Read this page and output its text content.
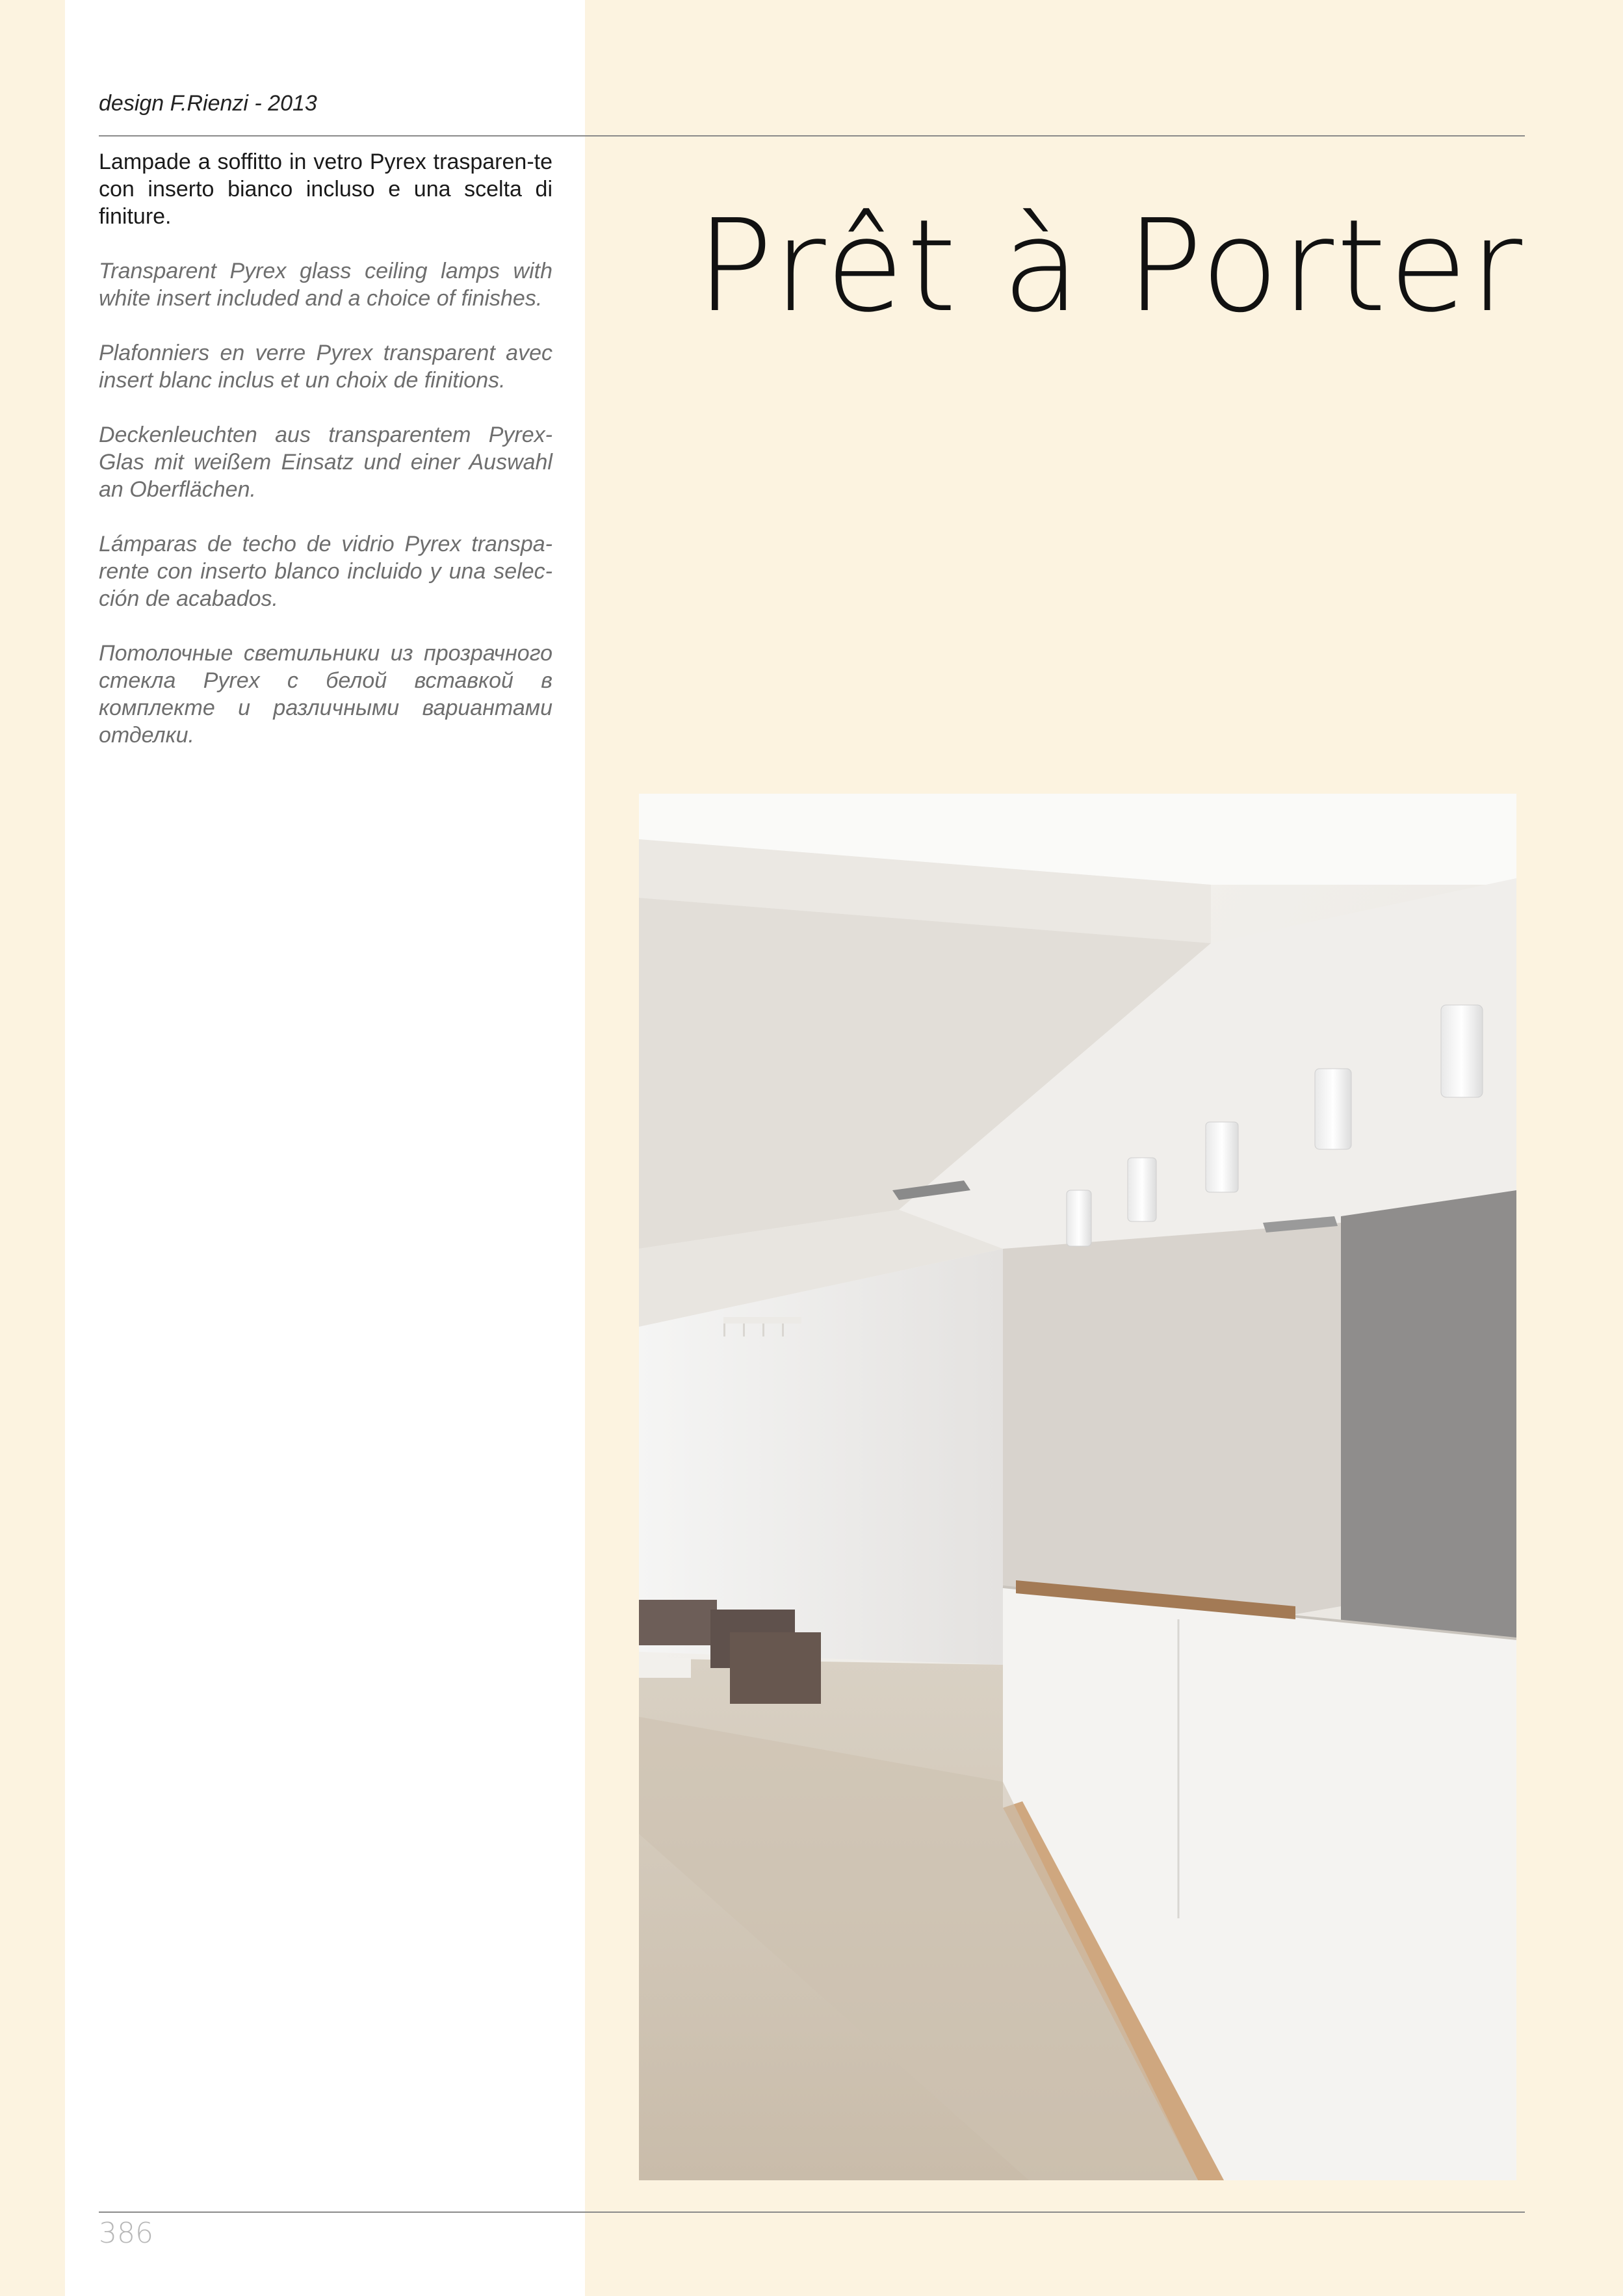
design F.Rienzi - 2013

Lampade a soffitto in vetro Pyrex trasparen-te con inserto bianco incluso e una scelta di finiture.

Transparent Pyrex glass ceiling lamps with white insert included and a choice of finishes.

Plafonniers en verre Pyrex transparent avec insert blanc inclus et un choix de finitions.

Deckenleuchten aus transparentem Pyrex-Glas mit weißem Einsatz und einer Auswahl an Oberflächen.

Lámparas de techo de vidrio Pyrex transpa-rente con inserto blanco incluido y una selec-ción de acabados.

Потолочные светильники из прозрачного стекла Pyrex с белой вставкой в комплекте и различными вариантами отделки.

Prêt à Porter
386
